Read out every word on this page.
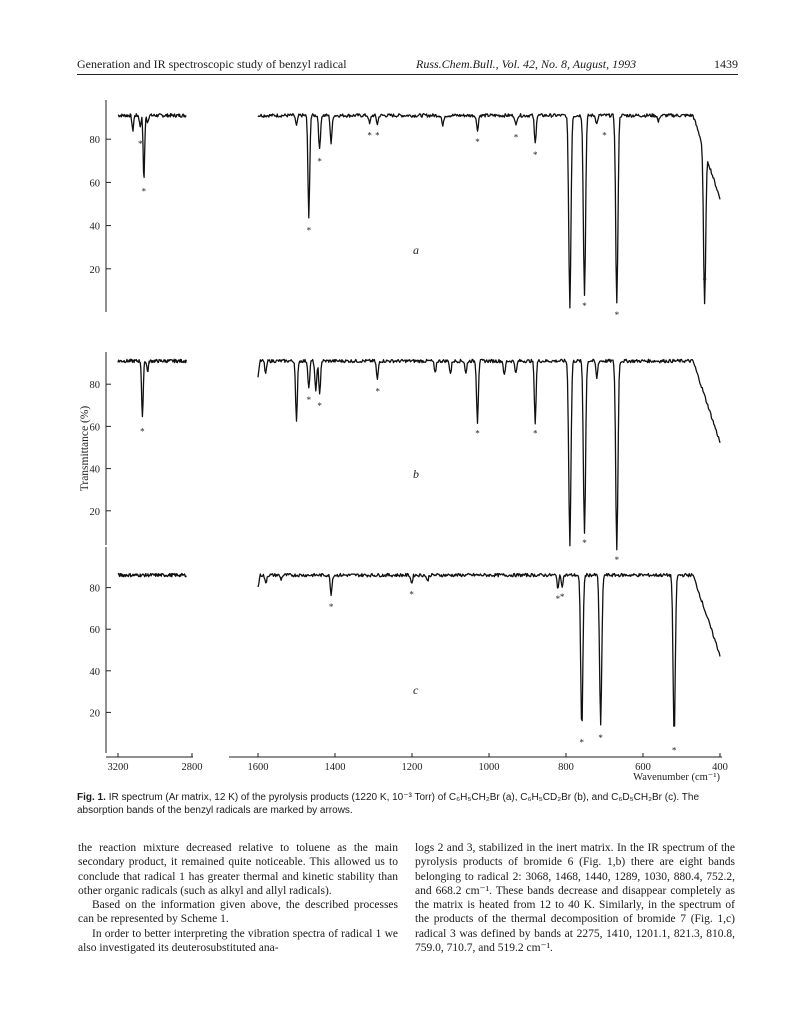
Generation and IR spectroscopic study of benzyl radical	Russ.Chem.Bull., Vol. 42, No. 8, August, 1993	1439
80
60
40
20
*
*
*
*
* *
*	*
*
*
*
*
*
a
80
60
40
20
*
*
*
*
*	*
*
*
b
Transmittance (%)
80
60
40
20
*
*	* *
* *
*
c
3200	2800	1600	1400	1200	1000	800	600	400
Wavenumber (cm⁻¹)
Fig. 1. IR spectrum (Ar matrix, 12 K) of the pyrolysis products (1220 K, 10⁻³ Torr) of C₆H₅CH₂Br (a), C₆H₅CD₂Br (b), and C₆D₅CH₂Br (c). The absorption bands of the benzyl radicals are marked by arrows.

the reaction mixture decreased relative to toluene as the main secondary product, it remained quite noticeable. This allowed us to conclude that radical 1 has greater thermal and kinetic stability than other organic radicals (such as alkyl and allyl radicals).

Based on the information given above, the described processes can be represented by Scheme 1.

In order to better interpreting the vibration spectra of radical 1 we also investigated its deuterosubstituted ana-

logs 2 and 3, stabilized in the inert matrix. In the IR spectrum of the pyrolysis products of bromide 6 (Fig. 1,b) there are eight bands belonging to radical 2: 3068, 1468, 1440, 1289, 1030, 880.4, 752.2, and 668.2 cm⁻¹. These bands decrease and disappear completely as the matrix is heated from 12 to 40 K. Similarly, in the spectrum of the products of the thermal decomposition of bromide 7 (Fig. 1,c) radical 3 was defined by bands at 2275, 1410, 1201.1, 821.3, 810.8, 759.0, 710.7, and 519.2 cm⁻¹.
